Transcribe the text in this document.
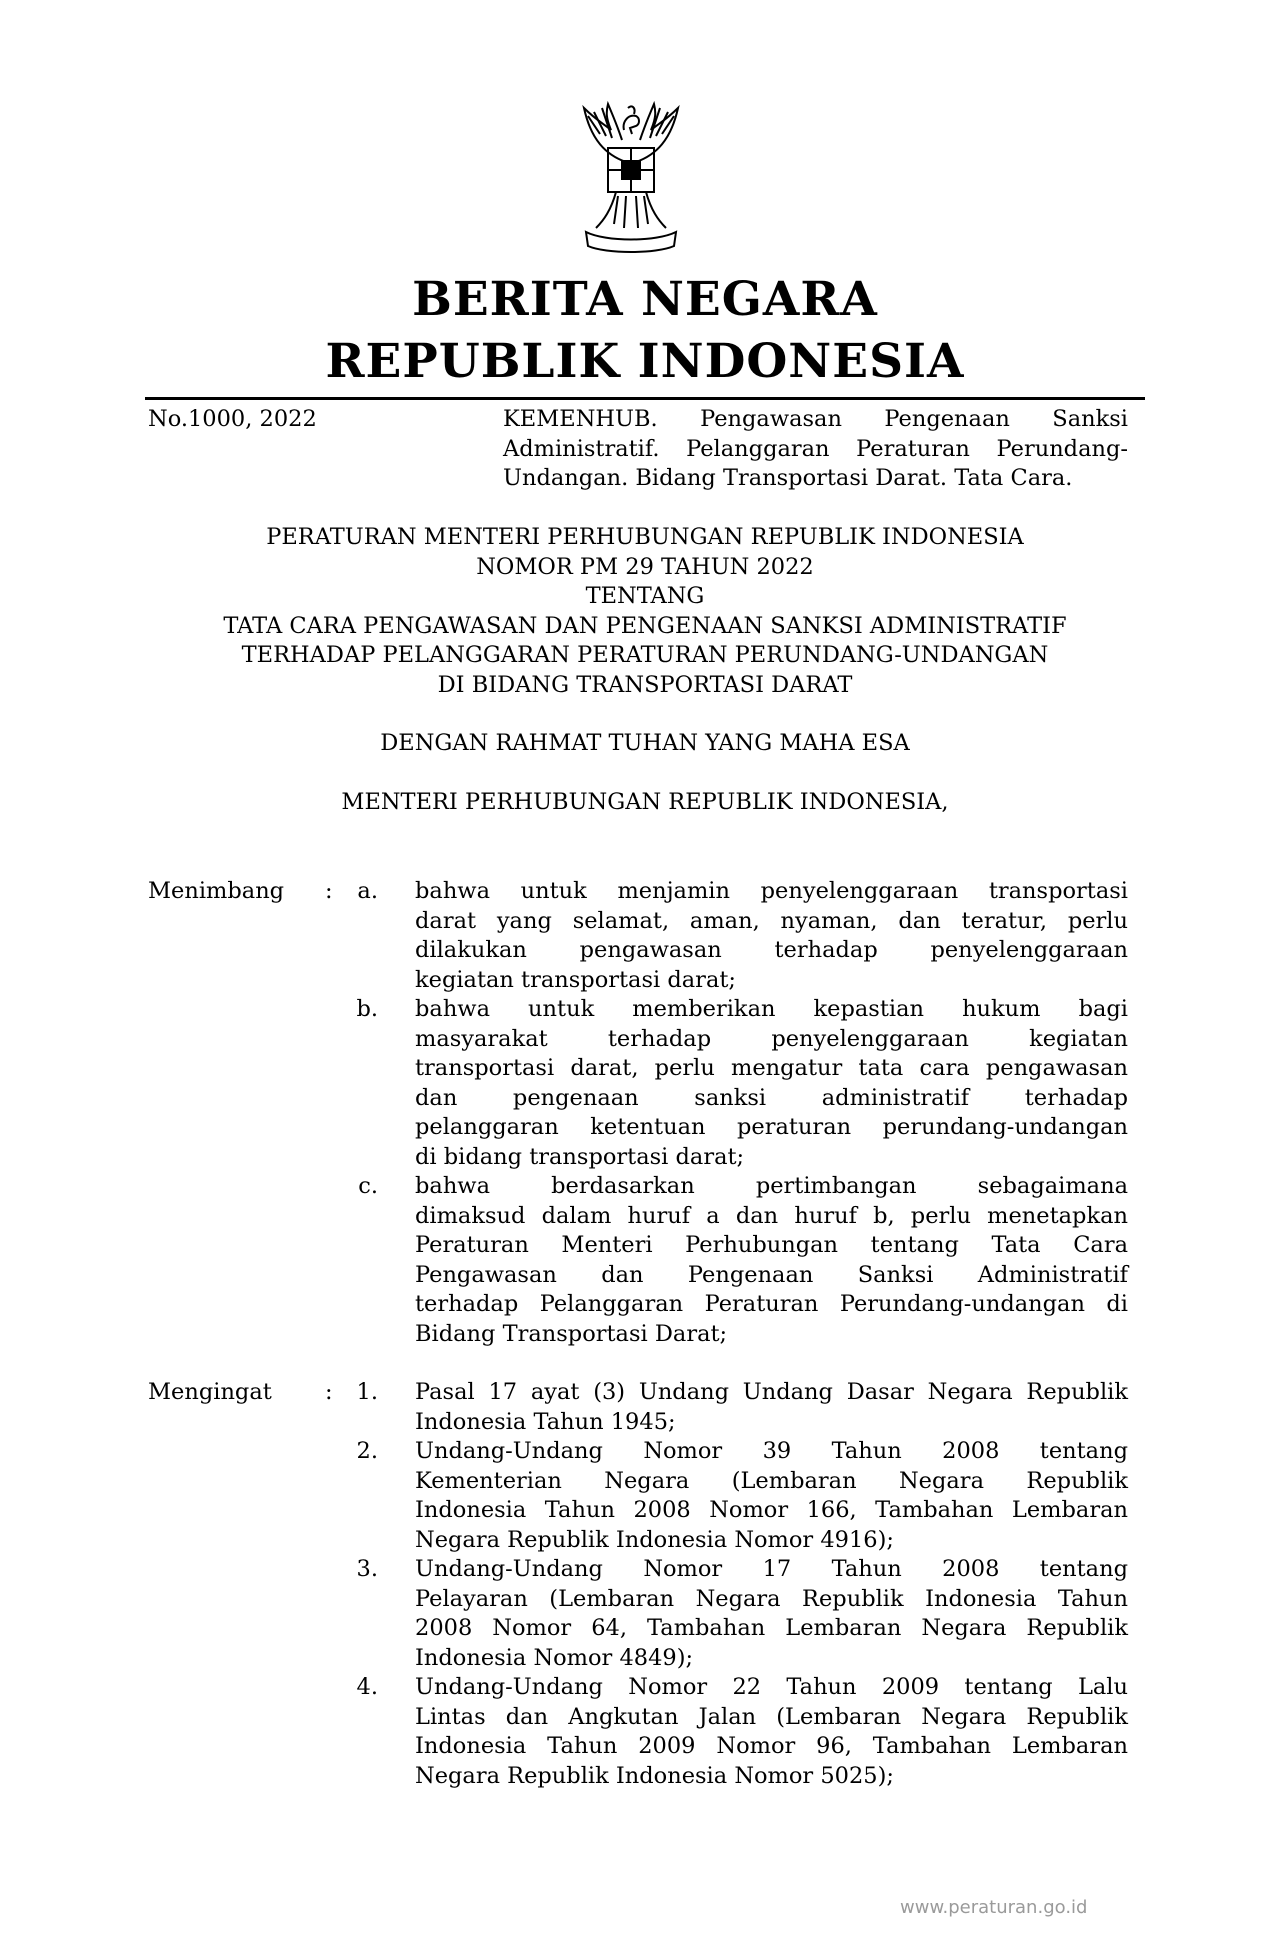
BERITA NEGARA
REPUBLIK INDONESIA
No.1000, 2022	KEMENHUB. Pengawasan Pengenaan Sanksi
Administratif. Pelanggaran Peraturan Perundang-
Undangan. Bidang Transportasi Darat. Tata Cara.
PERATURAN MENTERI PERHUBUNGAN REPUBLIK INDONESIA
NOMOR PM 29 TAHUN 2022
TENTANG
TATA CARA PENGAWASAN DAN PENGENAAN SANKSI ADMINISTRATIF
TERHADAP PELANGGARAN PERATURAN PERUNDANG-UNDANGAN
DI BIDANG TRANSPORTASI DARAT
DENGAN RAHMAT TUHAN YANG MAHA ESA
MENTERI PERHUBUNGAN REPUBLIK INDONESIA,
Menimbang :	a. bahwa untuk menjamin penyelenggaraan transportasi
darat yang selamat, aman, nyaman, dan teratur, perlu
dilakukan pengawasan terhadap penyelenggaraan
kegiatan transportasi darat;
b. bahwa untuk memberikan kepastian hukum bagi
masyarakat terhadap penyelenggaraan kegiatan
transportasi darat, perlu mengatur tata cara pengawasan
dan pengenaan sanksi administratif terhadap
pelanggaran ketentuan peraturan perundang-undangan
di bidang transportasi darat;
c. bahwa berdasarkan pertimbangan sebagaimana
dimaksud dalam huruf a dan huruf b, perlu menetapkan
Peraturan Menteri Perhubungan tentang Tata Cara
Pengawasan dan Pengenaan Sanksi Administratif
terhadap Pelanggaran Peraturan Perundang-undangan di
Bidang Transportasi Darat;
Mengingat :	1. Pasal 17 ayat (3) Undang Undang Dasar Negara Republik
Indonesia Tahun 1945;
2. Undang-Undang Nomor 39 Tahun 2008 tentang
Kementerian Negara (Lembaran Negara Republik
Indonesia Tahun 2008 Nomor 166, Tambahan Lembaran
Negara Republik Indonesia Nomor 4916);
3. Undang-Undang Nomor 17 Tahun 2008 tentang
Pelayaran (Lembaran Negara Republik Indonesia Tahun
2008 Nomor 64, Tambahan Lembaran Negara Republik
Indonesia Nomor 4849);
4. Undang-Undang Nomor 22 Tahun 2009 tentang Lalu
Lintas dan Angkutan Jalan (Lembaran Negara Republik
Indonesia Tahun 2009 Nomor 96, Tambahan Lembaran
Negara Republik Indonesia Nomor 5025);
www.peraturan.go.id
